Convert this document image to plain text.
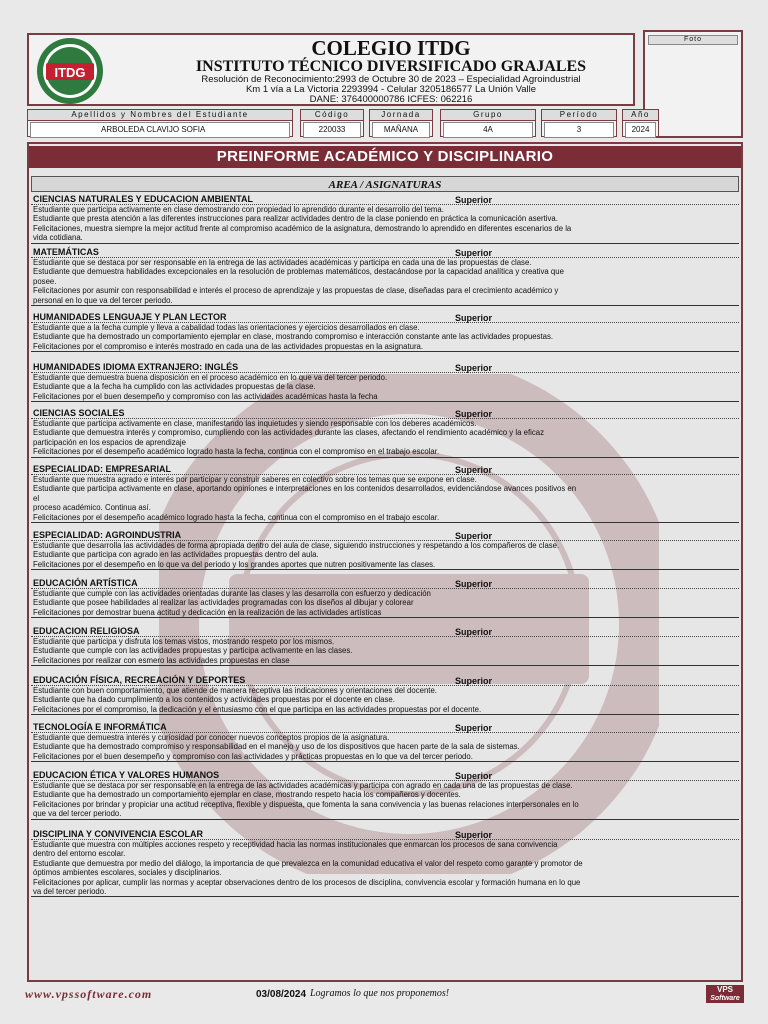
ITDG
COLEGIO ITDG
INSTITUTO TÉCNICO DIVERSIFICADO GRAJALES
Resolución de Reconocimiento:2993 de Octubre 30 de 2023 – Especialidad Agroindustrial
Km 1 vía a La Victoria 2293994 - Celular 3205186577 La Unión Valle
DANE: 376400000786 ICFES: 062216
Foto
Apellidos y Nombres del Estudiante
ARBOLEDA CLAVIJO SOFIA
Código
220033
Jornada
MAÑANA
Grupo
4A
Período
3
Año
2024
PREINFORME ACADÉMICO Y DISCIPLINARIO
AREA / ASIGNATURAS
CIENCIAS NATURALES Y EDUCACION AMBIENTAL	Superior
Estudiante que participa activamente en clase demostrando con propiedad lo aprendido durante el desarrollo del tema.
Estudiante que presta atención a las diferentes instrucciones para realizar actividades dentro de la clase poniendo en práctica la comunicación asertiva.
Felicitaciones, muestra siempre la mejor actitud frente al compromiso académico de la asignatura, demostrando lo aprendido en diferentes escenarios de la
vida cotidiana.
MATEMÁTICAS	Superior
Estudiante que se destaca por ser responsable en la entrega de las actividades académicas y participa en cada una de las propuestas de clase.
Estudiante que demuestra habilidades excepcionales en la resolución de problemas matemáticos, destacándose por la capacidad analítica y creativa que
posee.
Felicitaciones por asumir con responsabilidad e interés el proceso de aprendizaje y las propuestas de clase, diseñadas para el crecimiento académico y
personal en lo que va del tercer periodo.
HUMANIDADES LENGUAJE Y PLAN LECTOR	Superior
Estudiante que a la fecha cumple y lleva a cabalidad todas las orientaciones y ejercicios desarrollados en clase.
Estudiante que ha demostrado un comportamiento ejemplar en clase, mostrando compromiso e interacción constante ante las actividades propuestas.
Felicitaciones por el compromiso e interés mostrado en cada una de las actividades propuestas en la asignatura.
HUMANIDADES IDIOMA EXTRANJERO: INGLÉS	Superior
Estudiante que demuestra buena disposición en el proceso académico en lo que va del tercer periodo.
Estudiante que a la fecha ha cumplido con las actividades propuestas de la clase.
Felicitaciones por el buen desempeño y compromiso con las actividades académicas hasta la fecha
CIENCIAS SOCIALES	Superior
Estudiante que participa activamente en clase, manifestando las inquietudes y siendo responsable con los deberes académicos.
Estudiante que demuestra interés y compromiso, cumpliendo con las actividades durante las clases, afectando el rendimiento académico y la eficaz
participación en los espacios de aprendizaje
Felicitaciones por el desempeño académico logrado hasta la fecha, continua con el compromiso en el trabajo escolar.
ESPECIALIDAD: EMPRESARIAL	Superior
Estudiante que muestra agrado e interés por participar y construir saberes en colectivo sobre los temas que se expone en clase.
Estudiante que participa activamente en clase, aportando opiniones e interpretaciones en los contenidos desarrollados, evidenciándose avances positivos en
el
proceso académico. Continua así.
Felicitaciones por el desempeño académico logrado hasta la fecha, continua con el compromiso en el trabajo escolar.
ESPECIALIDAD: AGROINDUSTRIA	Superior
Estudiante que desarrolla las actividades de forma apropiada dentro del aula de clase, siguiendo instrucciones y respetando a los compañeros de clase.
Estudiante que participa con agrado en las actividades propuestas dentro del aula.
Felicitaciones por el desempeño en lo que va del periodo y los grandes aportes que nutren positivamente las clases.
EDUCACIÓN ARTÍSTICA	Superior
Estudiante que cumple con las actividades orientadas durante las clases y las desarrolla con esfuerzo y dedicación
Estudiante que posee habilidades al realizar las actividades programadas con los diseños al dibujar y colorear
Felicitaciones por demostrar buena actitud y dedicación en la realización de las actividades artísticas
EDUCACION RELIGIOSA	Superior
Estudiante que participa y disfruta los temas vistos, mostrando respeto por los mismos.
Estudiante que cumple con las actividades propuestas y participa activamente en las clases.
Felicitaciones por realizar con esmero las actividades propuestas en clase
EDUCACIÓN FÍSICA, RECREACIÓN Y DEPORTES	Superior
Estudiante con buen comportamiento, que atiende de manera receptiva las indicaciones y orientaciones del docente.
Estudiante que ha dado cumplimiento a los contenidos y actividades propuestas por el docente en clase.
Felicitaciones por el compromiso, la dedicación y el entusiasmo con el que participa en las actividades propuestas por el docente.
TECNOLOGÍA E INFORMÁTICA	Superior
Estudiante que demuestra interés y curiosidad por conocer nuevos conceptos propios de la asignatura.
Estudiante que ha demostrado compromiso y responsabilidad en el manejo y uso de los dispositivos que hacen parte de la sala de sistemas.
Felicitaciones por el buen desempeño y compromiso con las actividades y prácticas propuestas en lo que va del tercer periodo.
EDUCACION ÉTICA Y VALORES HUMANOS	Superior
Estudiante que se destaca por ser responsable en la entrega de las actividades académicas y participa con agrado en cada una de las propuestas de clase.
Estudiante que ha demostrado un comportamiento ejemplar en clase, mostrando respeto hacia los compañeros y docentes.
Felicitaciones por brindar y propiciar una actitud receptiva, flexible y dispuesta, que fomenta la sana convivencia y las buenas relaciones interpersonales en lo
que va del tercer periodo.
DISCIPLINA Y CONVIVENCIA ESCOLAR	Superior
Estudiante que muestra con múltiples acciones respeto y receptividad hacia las normas institucionales que enmarcan los procesos de sana convivencia
dentro del entorno escolar.
Estudiante que demuestra por medio del diálogo, la importancia de que prevalezca en la comunidad educativa el valor del respeto como garante y promotor de
óptimos ambientes escolares, sociales y disciplinarios.
Felicitaciones por aplicar, cumplir las normas y aceptar observaciones dentro de los procesos de disciplina, convivencia escolar y formación humana en lo que
va del tercer periodo.
www.vpssoftware.com	03/08/2024 Logramos lo que nos proponemos!	VPS
Software
